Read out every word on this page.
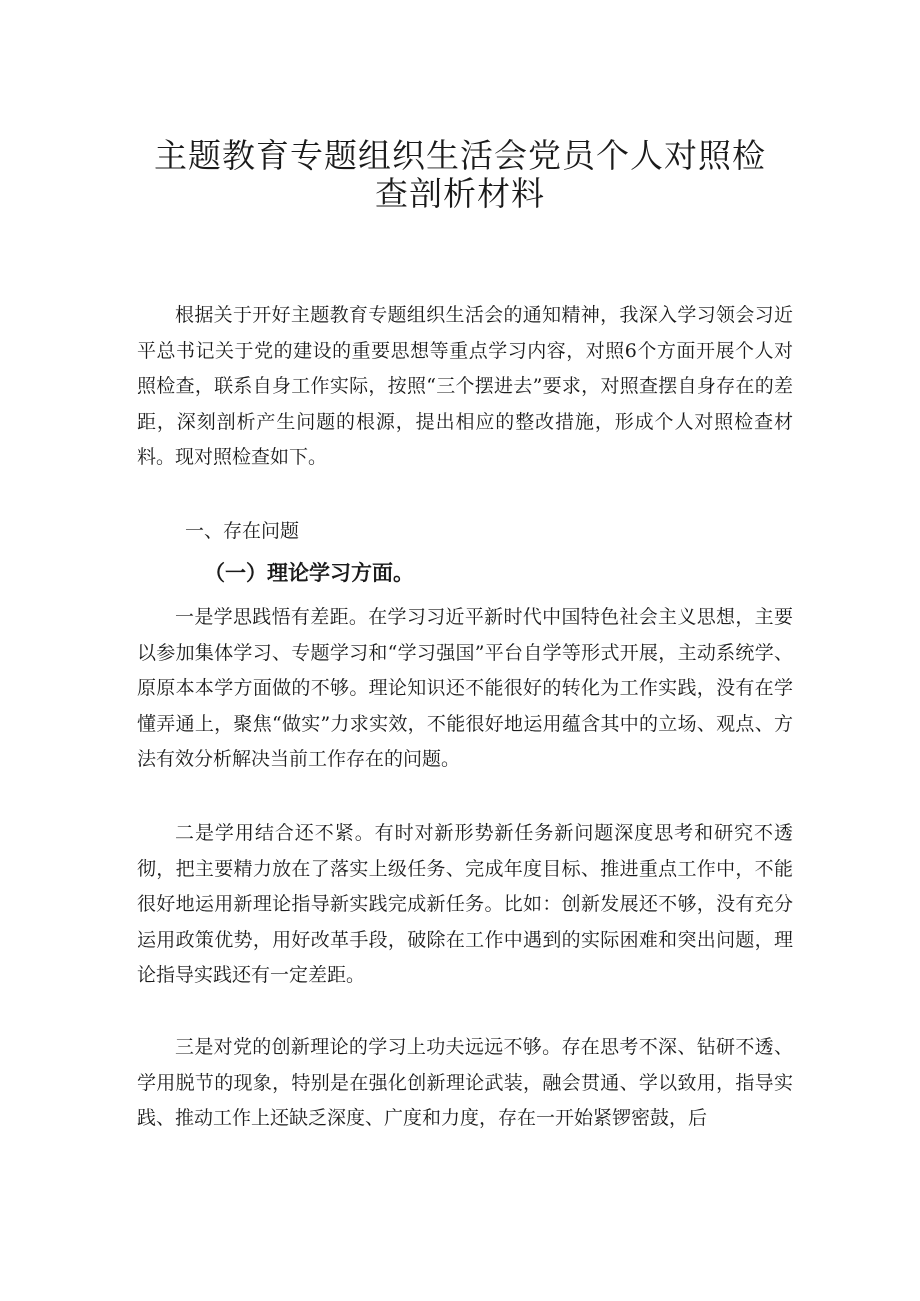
主题教育专题组织生活会党员个人对照检
查剖析材料

根据关于开好主题教育专题组织生活会的通知精神，我深入学习领会习近平总书记关于党的建设的重要思想等重点学习内容，对照6个方面开展个人对照检查，联系自身工作实际，按照“三个摆进去”要求，对照查摆自身存在的差距，深刻剖析产生问题的根源，提出相应的整改措施，形成个人对照检查材料。现对照检查如下。

一、存在问题

（一）理论学习方面。

一是学思践悟有差距。在学习习近平新时代中国特色社会主义思想，主要以参加集体学习、专题学习和“学习强国”平台自学等形式开展，主动系统学、原原本本学方面做的不够。理论知识还不能很好的转化为工作实践，没有在学懂弄通上，聚焦“做实”力求实效，不能很好地运用蕴含其中的立场、观点、方法有效分析解决当前工作存在的问题。

二是学用结合还不紧。有时对新形势新任务新问题深度思考和研究不透彻，把主要精力放在了落实上级任务、完成年度目标、推进重点工作中，不能很好地运用新理论指导新实践完成新任务。比如：创新发展还不够，没有充分运用政策优势，用好改革手段，破除在工作中遇到的实际困难和突出问题，理论指导实践还有一定差距。

三是对党的创新理论的学习上功夫远远不够。存在思考不深、钻研不透、学用脱节的现象，特别是在强化创新理论武装，融会贯通、学以致用，指导实践、推动工作上还缺乏深度、广度和力度，存在一开始紧锣密鼓，后
